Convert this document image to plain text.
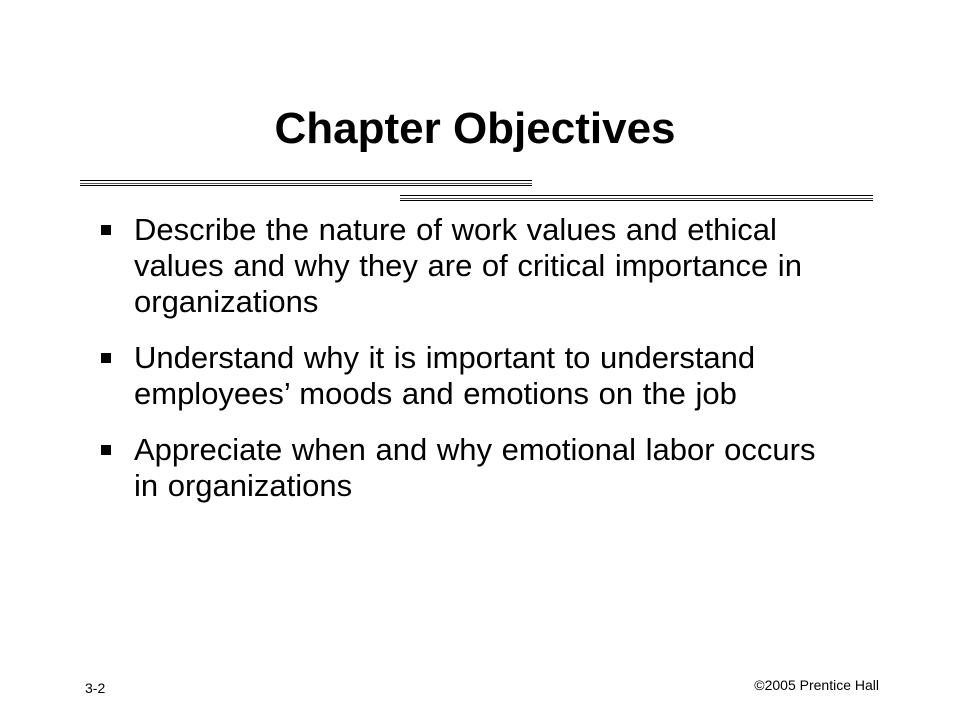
Chapter Objectives
Describe the nature of work values and ethical values and why they are of critical importance in organizations
Understand why it is important to understand employees’ moods and emotions on the job
Appreciate when and why emotional labor occurs in organizations
3-2	©2005 Prentice Hall
